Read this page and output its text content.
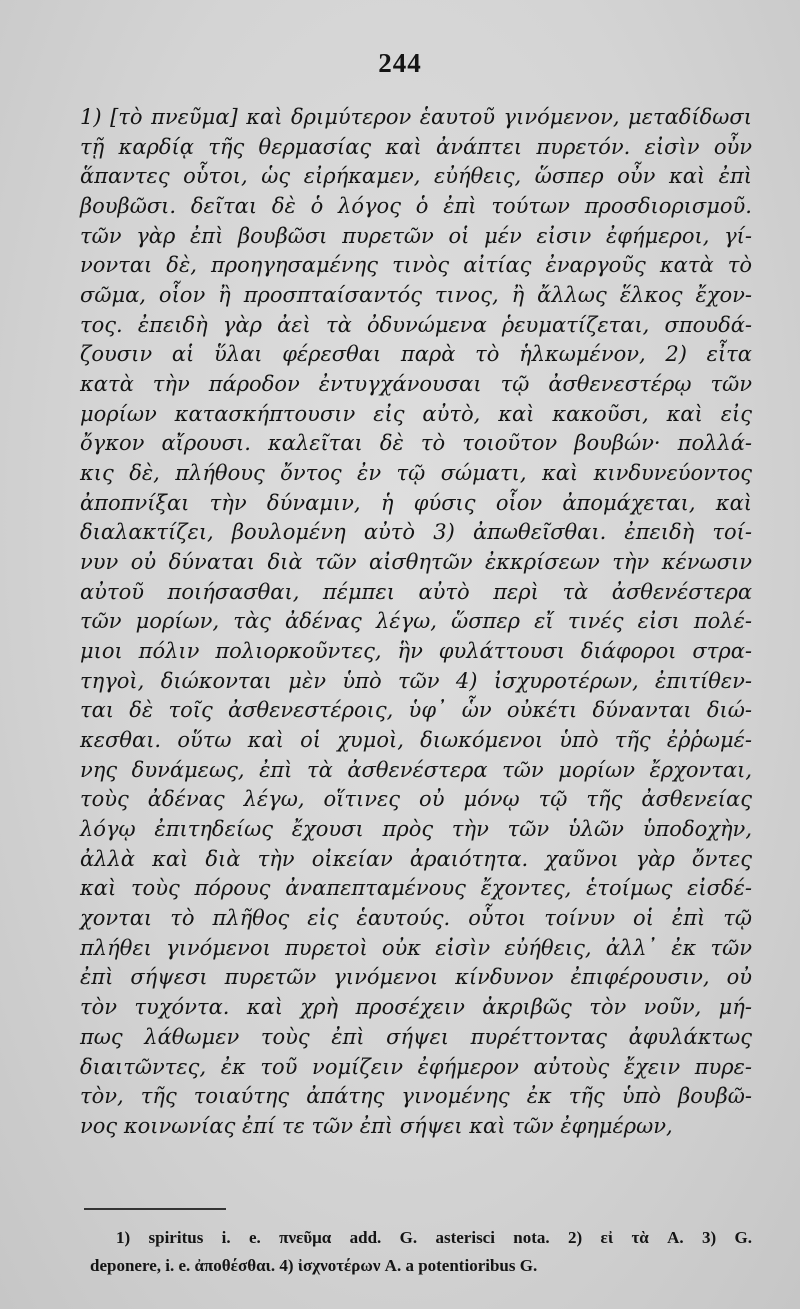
244
1) [τὸ πνεῦμα] καὶ δριμύτερον ἑαυτοῦ γινόμενον, μεταδίδωσι
τῇ καρδίᾳ τῆς θερμασίας καὶ ἀνάπτει πυρετόν. εἰσὶν οὖν
ἅπαντες οὗτοι, ὡς εἰρήκαμεν, εὐήθεις, ὥσπερ οὖν καὶ ἐπὶ
βουβῶσι. δεῖται δὲ ὁ λόγος ὁ ἐπὶ τούτων προσδιορισμοῦ.
τῶν γὰρ ἐπὶ βουβῶσι πυρετῶν οἱ μέν εἰσιν ἐφήμεροι, γί-
νονται δὲ, προηγησαμένης τινὸς αἰτίας ἐναργοῦς κατὰ τὸ
σῶμα, οἷον ἢ προσπταίσαντός τινος, ἢ ἄλλως ἕλκος ἔχον-
τος. ἐπειδὴ γὰρ ἀεὶ τὰ ὀδυνώμενα ῥευματίζεται, σπουδά-
ζουσιν αἱ ὕλαι φέρεσθαι παρὰ τὸ ἡλκωμένον, 2) εἶτα
κατὰ τὴν πάροδον ἐντυγχάνουσαι τῷ ἀσθενεστέρῳ τῶν
μορίων κατασκήπτουσιν εἰς αὐτὸ, καὶ κακοῦσι, καὶ εἰς
ὄγκον αἴρουσι. καλεῖται δὲ τὸ τοιοῦτον βουβών· πολλά-
κις δὲ, πλήθους ὄντος ἐν τῷ σώματι, καὶ κινδυνεύοντος
ἀποπνίξαι τὴν δύναμιν, ἡ φύσις οἷον ἀπομάχεται, καὶ
διαλακτίζει, βουλομένη αὐτὸ 3) ἀπωθεῖσθαι. ἐπειδὴ τοί-
νυν οὐ δύναται διὰ τῶν αἰσθητῶν ἐκκρίσεων τὴν κένωσιν
αὐτοῦ ποιήσασθαι, πέμπει αὐτὸ περὶ τὰ ἀσθενέστερα
τῶν μορίων, τὰς ἀδένας λέγω, ὥσπερ εἴ τινές εἰσι πολέ-
μιοι πόλιν πολιορκοῦντες, ἣν φυλάττουσι διάφοροι στρα-
τηγοὶ, διώκονται μὲν ὑπὸ τῶν 4) ἰσχυροτέρων, ἐπιτίθεν-
ται δὲ τοῖς ἀσθενεστέροις, ὑφ᾽ ὧν οὐκέτι δύνανται διώ-
κεσθαι. οὕτω καὶ οἱ χυμοὶ, διωκόμενοι ὑπὸ τῆς ἐῤῥωμέ-
νης δυνάμεως, ἐπὶ τὰ ἀσθενέστερα τῶν μορίων ἔρχονται,
τοὺς ἀδένας λέγω, οἵτινες οὐ μόνῳ τῷ τῆς ἀσθενείας
λόγῳ ἐπιτηδείως ἔχουσι πρὸς τὴν τῶν ὑλῶν ὑποδοχὴν,
ἀλλὰ καὶ διὰ τὴν οἰκείαν ἀραιότητα. χαῦνοι γὰρ ὄντες
καὶ τοὺς πόρους ἀναπεπταμένους ἔχοντες, ἑτοίμως εἰσδέ-
χονται τὸ πλῆθος εἰς ἑαυτούς. οὗτοι τοίνυν οἱ ἐπὶ τῷ
πλήθει γινόμενοι πυρετοὶ οὐκ εἰσὶν εὐήθεις, ἀλλ᾽ ἐκ τῶν
ἐπὶ σήψεσι πυρετῶν γινόμενοι κίνδυνον ἐπιφέρουσιν, οὐ
τὸν τυχόντα. καὶ χρὴ προσέχειν ἀκριβῶς τὸν νοῦν, μή-
πως λάθωμεν τοὺς ἐπὶ σήψει πυρέττοντας ἀφυλάκτως
διαιτῶντες, ἐκ τοῦ νομίζειν ἐφήμερον αὐτοὺς ἔχειν πυρε-
τὸν, τῆς τοιαύτης ἀπάτης γινομένης ἐκ τῆς ὑπὸ βουβῶ-
νος κοινωνίας ἐπί τε τῶν ἐπὶ σήψει καὶ τῶν ἐφημέρων,
1) spiritus i. e. πνεῦμα add. G. asterisci nota. 2) εἰ τὰ A. 3) G.
deponere, i. e. ἀποθέσθαι. 4) ἰσχνοτέρων A. a potentioribus G.
